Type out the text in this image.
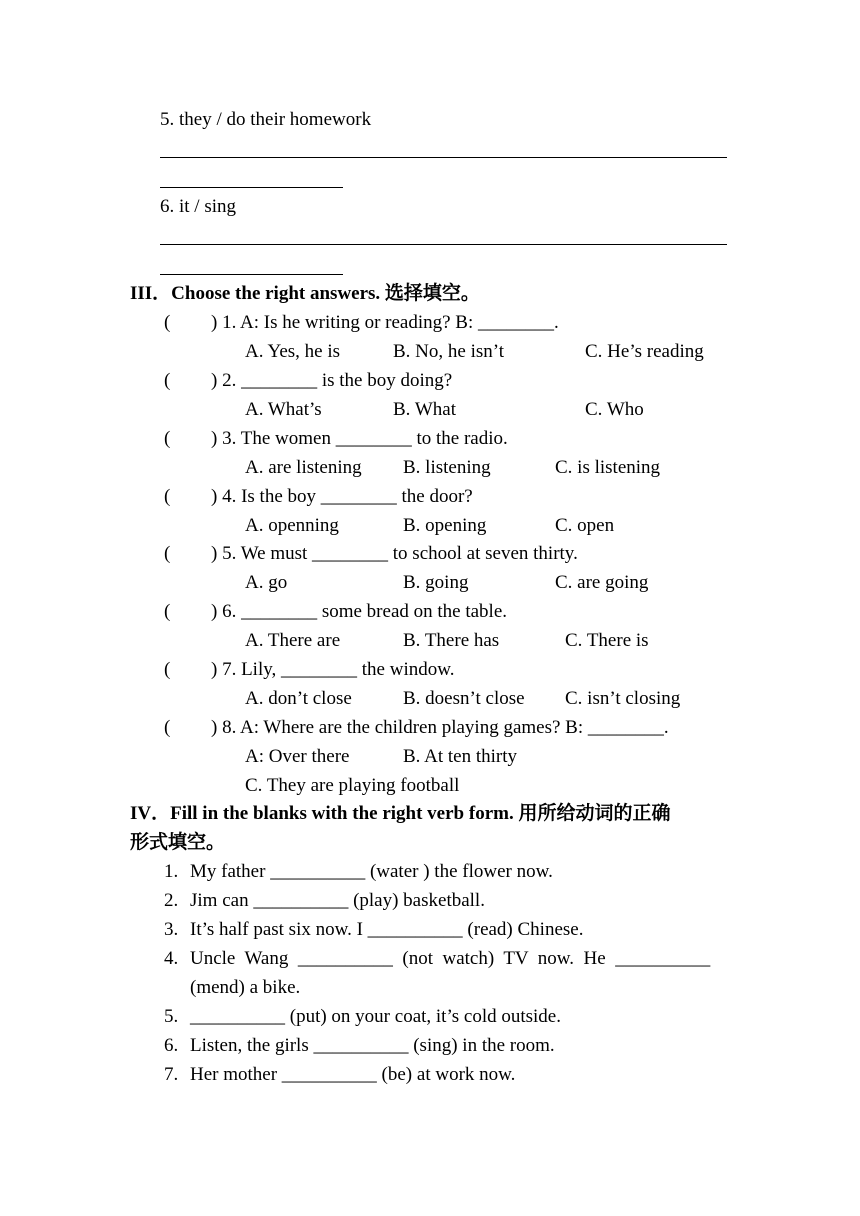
5. they / do their homework
6. it / sing
III．Choose the right answers. 选择填空。
( ) 1. A: Is he writing or reading? B: ________.
A. Yes, he is	B. No, he isn’t	C. He’s reading
( ) 2. ________ is the boy doing?
A. What’s	B. What	C. Who
( ) 3. The women ________ to the radio.
A. are listening B. listening	C. is listening
( ) 4. Is the boy ________ the door?
A. openning	B. opening	C. open
( ) 5. We must ________ to school at seven thirty.
A. go	B. going	C. are going
( ) 6. ________ some bread on the table.
A. There are	B. There has	C. There is
( ) 7. Lily, ________ the window.
A. don’t close	B. doesn’t close C. isn’t closing
( ) 8. A: Where are the children playing games? B: ________.
A: Over there	B. At ten thirty
C. They are playing football
IV．Fill in the blanks with the right verb form. 用所给动词的正确
形式填空。
1. My father __________ (water ) the flower now.
2. Jim can __________ (play) basketball.
3. It’s half past six now. I __________ (read) Chinese.
4. Uncle  Wang  __________  (not  watch)  TV  now.  He  __________
(mend) a bike.
5. __________ (put) on your coat, it’s cold outside.
6. Listen, the girls __________ (sing) in the room.
7. Her mother __________ (be) at work now.
